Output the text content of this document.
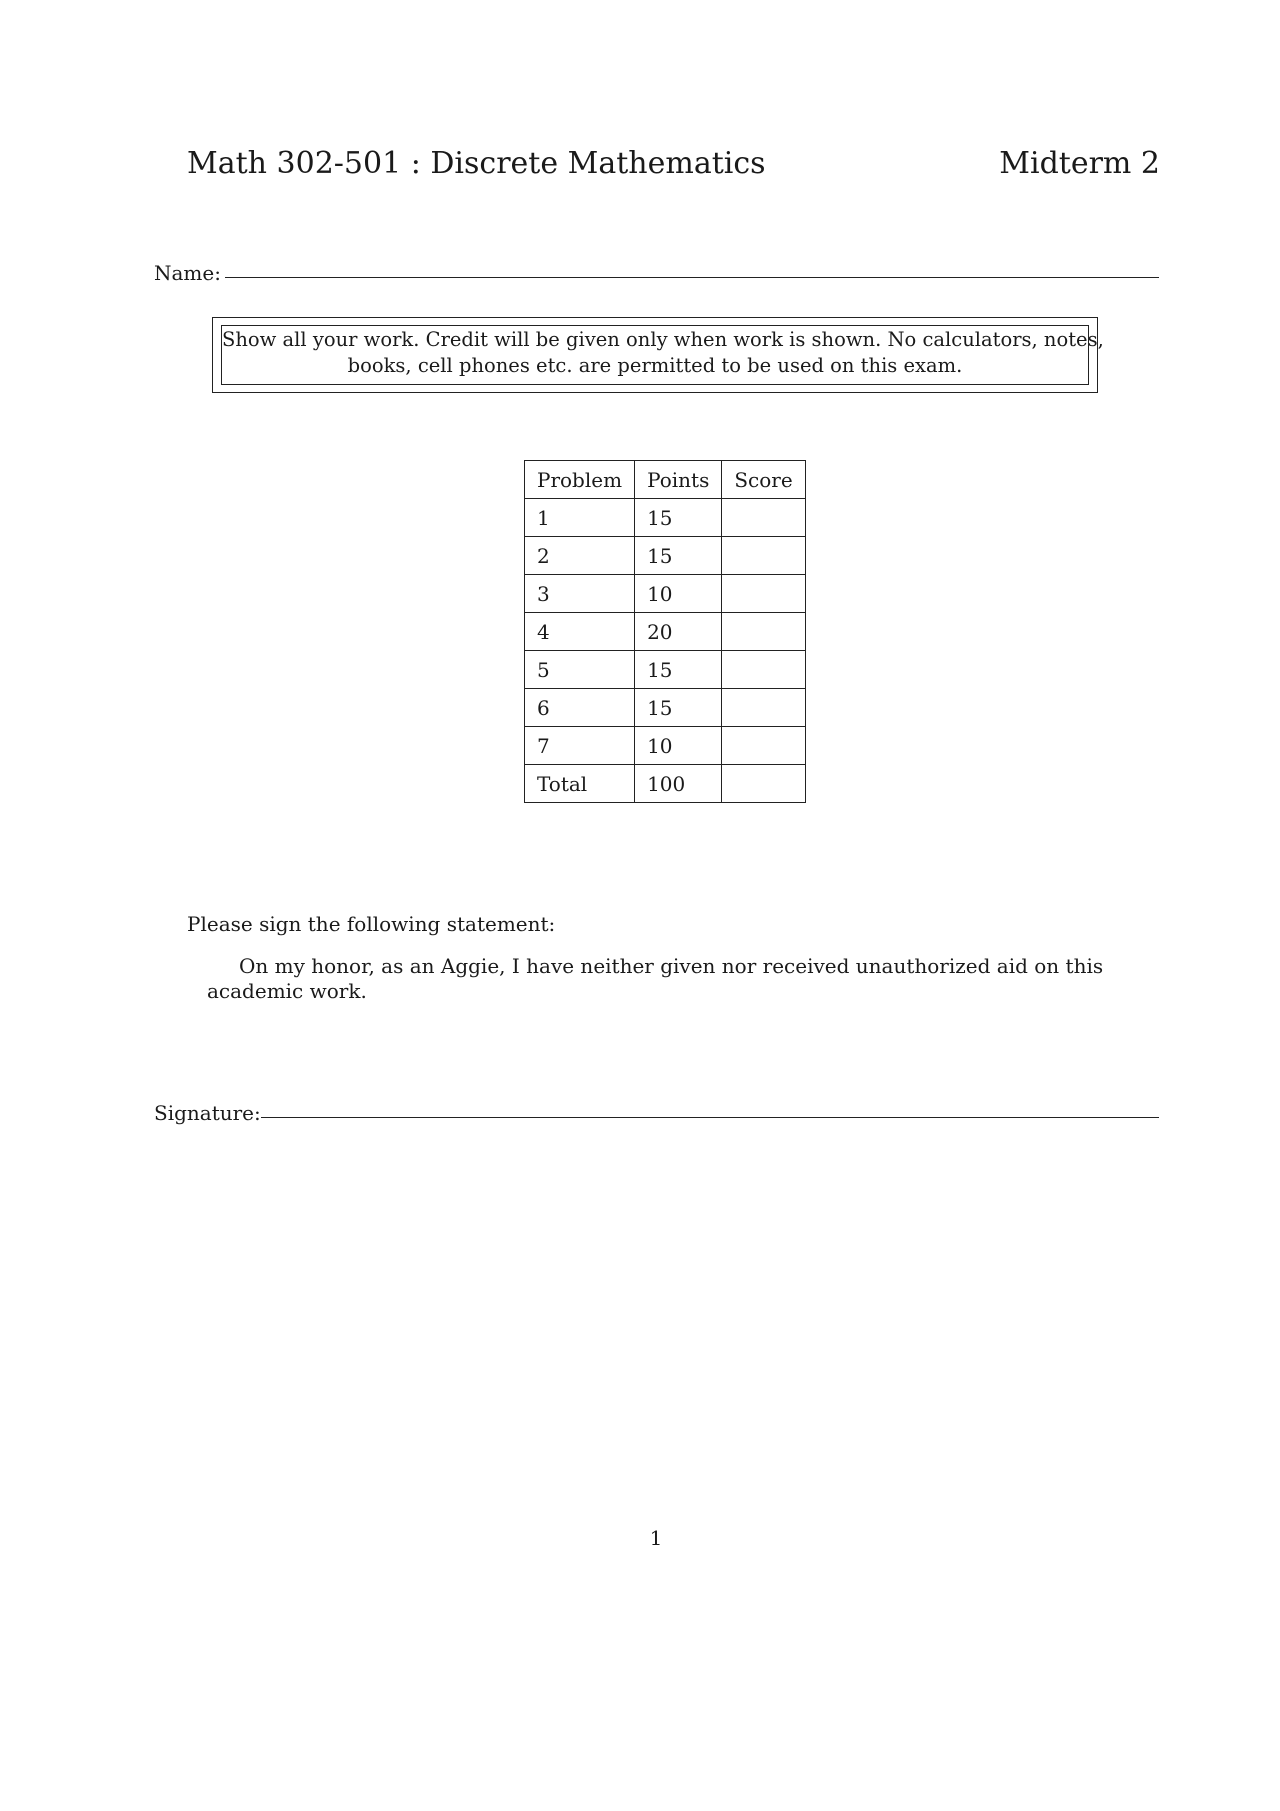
Math 302-501 : Discrete Mathematics	Midterm 2
Name:
Show all your work. Credit will be given only when work is shown. No calculators, notes,
books, cell phones etc. are permitted to be used on this exam.
Problem	Points	Score
1	15	
2	15	
3	10	
4	20	
5	15	
6	15	
7	10	
Total	100	
Please sign the following statement:
On my honor, as an Aggie, I have neither given nor received unauthorized aid on this academic work.
Signature:
1
